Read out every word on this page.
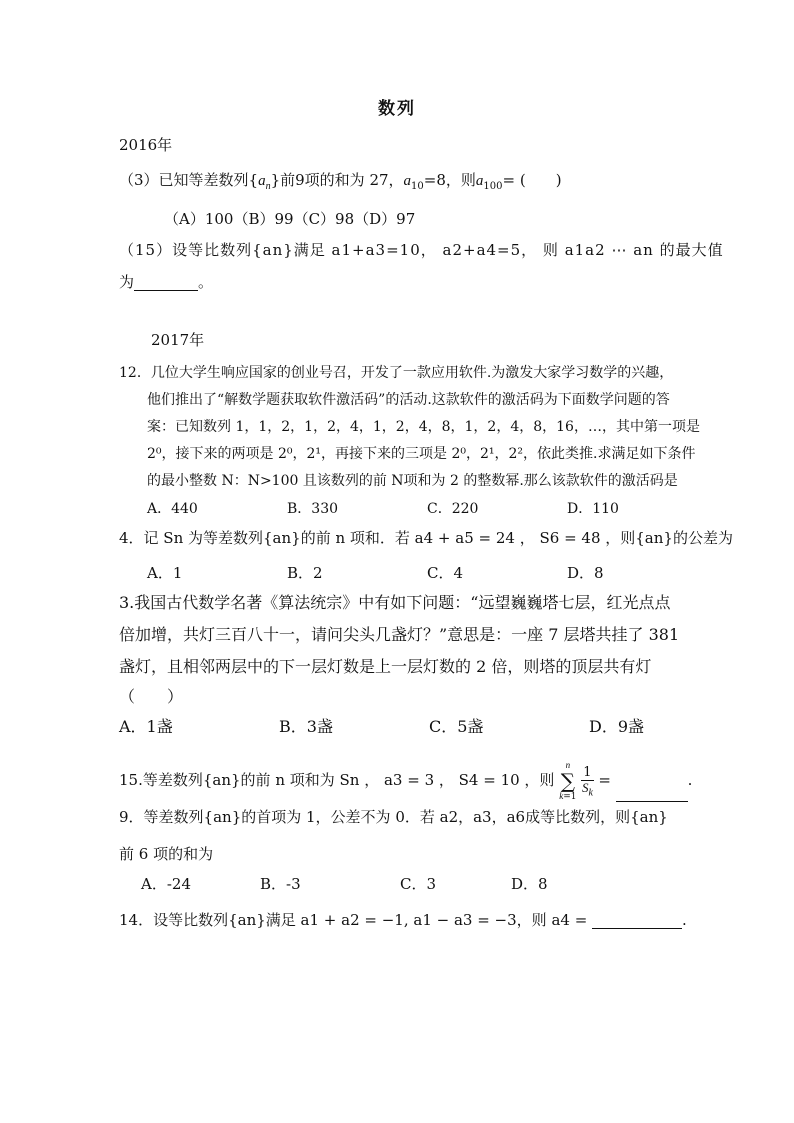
数列
2016年
（3）已知等差数列$\{a_n\}$前9项的和为 27，$a_{10}=8$，则$a_{100}=$ (　　)
（A）100（B）99（C）98（D）97
（15）设等比数列{an}满足 a1+a3=10， a2+a4=5， 则 a1a2 ⋯ an 的最大值
为	。
2017年
12．几位大学生响应国家的创业号召，开发了一款应用软件.为激发大家学习数学的兴趣，
他们推出了“解数学题获取软件激活码”的活动.这款软件的激活码为下面数学问题的答
案：已知数列 1，1，2，1，2，4，1，2，4，8，1，2，4，8，16，…，其中第一项是
2⁰，接下来的两项是 2⁰，2¹，再接下来的三项是 2⁰，2¹，2²，依此类推.求满足如下条件
的最小整数 N：N>100 且该数列的前 N项和为 2 的整数幂.那么该款软件的激活码是
A．440	B．330	C．220	D．110
4．记 Sn 为等差数列{an}的前 n 项和．若 a4 + a5 = 24 ， S6 = 48 ，则{an}的公差为
A．1	B．2	C．4	D．8
3.我国古代数学名著《算法统宗》中有如下问题：“远望巍巍塔七层，红光点点
倍加增，共灯三百八十一，请问尖头几盏灯？”意思是：一座 7 层塔共挂了 381
盏灯，且相邻两层中的下一层灯数是上一层灯数的 2 倍，则塔的顶层共有灯
（　　）
A．1盏	B．3盏	C．5盏	D．9盏
15.等差数列{an}的前 n 项和为 Sn ， a3 = 3 ， S4 = 10 ，则
n
∑
k=1

$\frac{1}{S_k}$ =	.
9．等差数列{an}的首项为 1，公差不为 0．若 a2，a3，a6成等比数列，则{an}
前 6 项的和为
A．-24	B．-3	C．3	D．8
14．设等比数列{an}满足 a1 + a2 = −1, a1 − a3 = −3，则 a4 =	.
